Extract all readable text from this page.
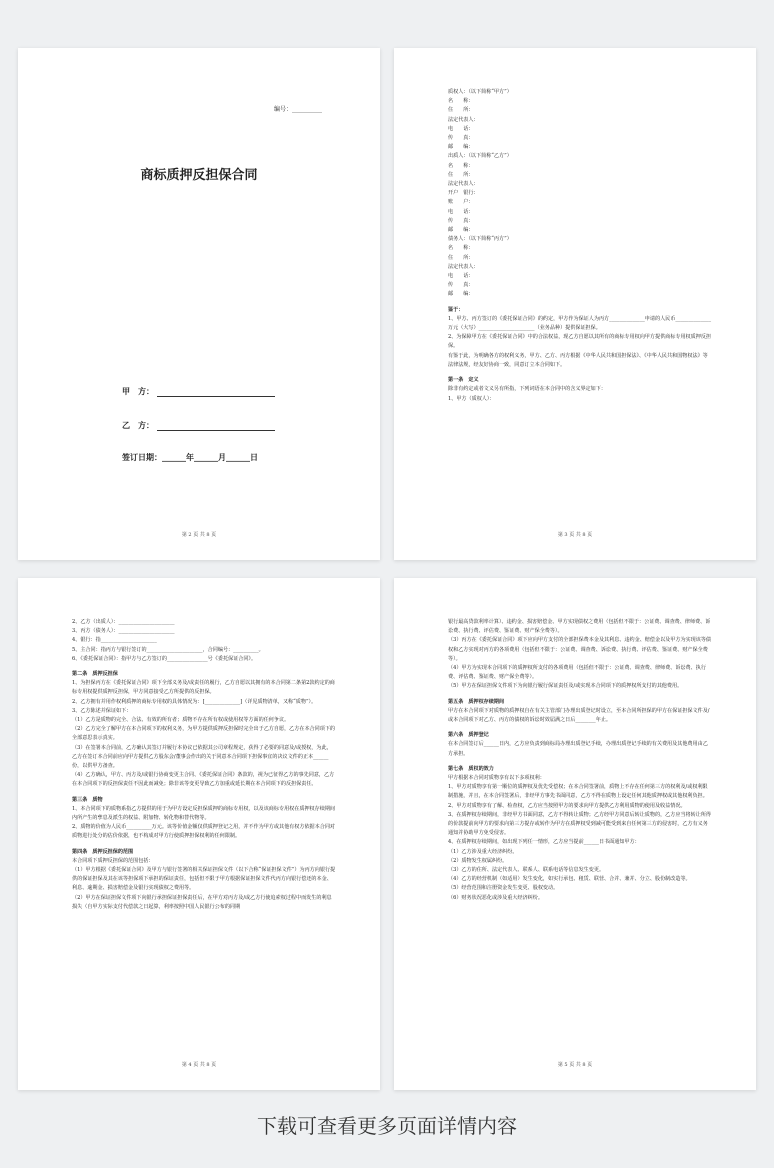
编号：__________
商标质押反担保合同
甲　方：
乙　方：
签订日期：______年______月______日
第 2 页 共 8 页

质权人：（以下简称“甲方”）

名　　称：

住　　所：

法定代表人：

电　　话：

传　　真：

邮　　编：

出质人：（以下简称“乙方”）

名　　称：

住　　所：

法定代表人：

开户　银行：

账　　户：

电　　话：

传　　真：

邮　　编：

债务人：（以下简称“丙方”）

名　　称：

住　　所：

法定代表人：

电　　话：

传　　真：

邮　　编：

鉴于：

1、甲方、丙方签订的《委托保证合同》的约定，甲方作为保证人为丙方______________申请的人民币______________万元（大写）______________________（业务品种）提供保证担保。

2、为保障甲方在《委托保证合同》中的合法权益，现乙方自愿以其所有的商标专用权向甲方提供商标专用权质押反担保。

有鉴于此，为明确各方的权利义务，甲方、乙方、丙方根据《中华人民共和国担保法》、《中华人民共和国物权法》等法律法规，经友好协商一致，同意订立本合同如下。

第一条　定义

除非有约定或者文义另有所指，下列词语在本合同中的含义界定如下：

1、甲方（质权人）：

第 3 页 共 8 页

2、乙方（出质人）：______________________

3、丙方（债务人）：______________________

4、银行：指______________________

5、主合同：指丙方与银行签订的______________________，合同编号：__________。

6、《委托保证合同》：指甲方与乙方签订的________________号《委托保证合同》。

第二条　质押反担保

1、为担保丙方在《委托保证合同》项下全部义务及/或责任的履行，乙方自愿以其拥有的本合同第二条第2款约定的商标专用权提供质押反担保，甲方同意接受乙方所提供的反担保。

2、乙方拥有并用作权利质押的商标专用权的具体情况为：[______________]（详见质物清单，又称“质物”）。

3、乙方陈述并保证如下：

（1）乙方是质物的完全、合法、有效的所有者；质物不存在所有权或使用权等方面的任何争议。

（2）乙方完全了解甲方在本合同项下的权利义务，为甲方提供质押反担保时完全出于乙方自愿，乙方在本合同项下的全部意思表示真实。

（3）在签署本合同前，乙方确认其签订并履行本协议已依据其公司章程规定，获得了必要的同意及/或授权，为此，乙方在签订本合同前应向甲方提供乙方股东会/董事会作出的关于同意本合同项下担保事宜的决议文件的正本______份，以供甲方备查。

（4）乙方确认，甲方、丙方及/或银行协商变更主合同、《委托保证合同》条款的，视为已征得乙方的事先同意，乙方在本合同项下的反担保责任不因此而减免；除非该等变更导致乙方加重或延长期在本合同项下的反担保责任。

第三条　质物

1、本合同项下的质物系指乙方提供的用于为甲方设定反担保质押的商标专用权，以及该商标专用权在质押权存续期间内所产生的孳息及派生的权益、附加物、转化物和替代物等。

2、质物的价值为人民币__________万元。该等价值金额仅供质押登记之用，并不作为甲方或其他有权方依据本合同对质物进行处分的估价依据，也不构成对甲方行使质押担保权利的任何限制。

第四条　质押反担保的范围

本合同项下质押反担保的范围包括：

（1）甲方根据《委托保证合同》及甲方与银行签署的相关保证担保文件（以下合称“保证担保文件”）为丙方向银行提供的保证担保及其在该等担保项下承担的保证责任，包括但不限于甲方根据保证担保文件代丙方向银行偿还的本金、利息、逾期金、损害赔偿金及银行实现债权之费用等。

（2）甲方在保证担保文件项下向银行承担保证担保责任后，在甲方对丙方及/或乙方行使追索权过程中而发生的利息损失（自甲方实际支付代偿款之日起算，利率按照中国人民银行公布的同期

第 4 页 共 8 页

银行最高贷款利率计算）、违约金、损害赔偿金、甲方实现债权之费用（包括但不限于：公证费、调查费、律师费、诉讼费、执行费、评估费、鉴证费、财产保全费等）。

（3）丙方在《委托保证合同》项下应向甲方支付的全部担保费本金及其利息、违约金、赔偿金以及甲方为实现该等债权和乙方实现对丙方的各项费用（包括但不限于：公证费、调查费、诉讼费、执行费、评估费、鉴证费、财产保全费等）。

（4）甲方为实现本合同项下的质押权所支付的各项费用（包括但不限于：公证费、调查费、律师费、诉讼费、执行费、评估费、鉴证费、财产保全费等）。

（5）甲方在保证担保文件项下为向银行履行保证责任及/或实现本合同项下的质押权所支付的其他费用。

第五条　质押权存续期间

甲方在本合同项下对质物的质押权自在有关主管部门办理出质登记时设立，至本合同所担保的甲方在保证担保文件及/或本合同项下对乙方、丙方的债权的诉讼时效届满之日后________年止。

第六条　质押登记

在本合同签订后______日内，乙方应负责到商标局办理出质登记手续，办理出质登记手续的有关费用及其他费用由乙方承担。

第七条　质权的效力

甲方根据本合同对质物享有以下多项权利：

1、甲方对质物享有第一顺位的质押权及优先受偿权；在本合同签署前，质物上不存在任何第三方的权利及/或权利限制措施，并且，在本合同签署后，非经甲方事先书面同意，乙方不得在质物上设定任何其他质押权或其他权利负担。

2、甲方对质物享有了解、检查权，乙方应当按照甲方的要求向甲方提供乙方利用质物的使用及收益情况。

3、在质押权存续期间，非经甲方书面同意，乙方不得转让质物；乙方经甲方同意后转让质物的，乙方应当将转让所得的价款提前向甲方的要求向第三方提存或转作为甲方在质押权受到减可能受到来自任何第三方的侵害时，乙方有义务通知并协助甲方免受侵害。

4、在质押权存续期间，如出现下列任一情形，乙方应当提前______日书面通知甲方：

（1）乙方涉及重大经济纠纷。

（2）质物发生权属纠纷。

（3）乙方的住所、法定代表人、联系人、联系电话等信息发生变更。

（4）乙方的经营机制（如适用）发生变化，如实行承包、租赁、联营、合并、兼并、分立、股份制改造等。

（5）经营范围和注册资金发生变更、股权变动。

（6）财务状况恶化或涉及重大经济纠纷。

第 5 页 共 8 页
下载可查看更多页面详情内容
